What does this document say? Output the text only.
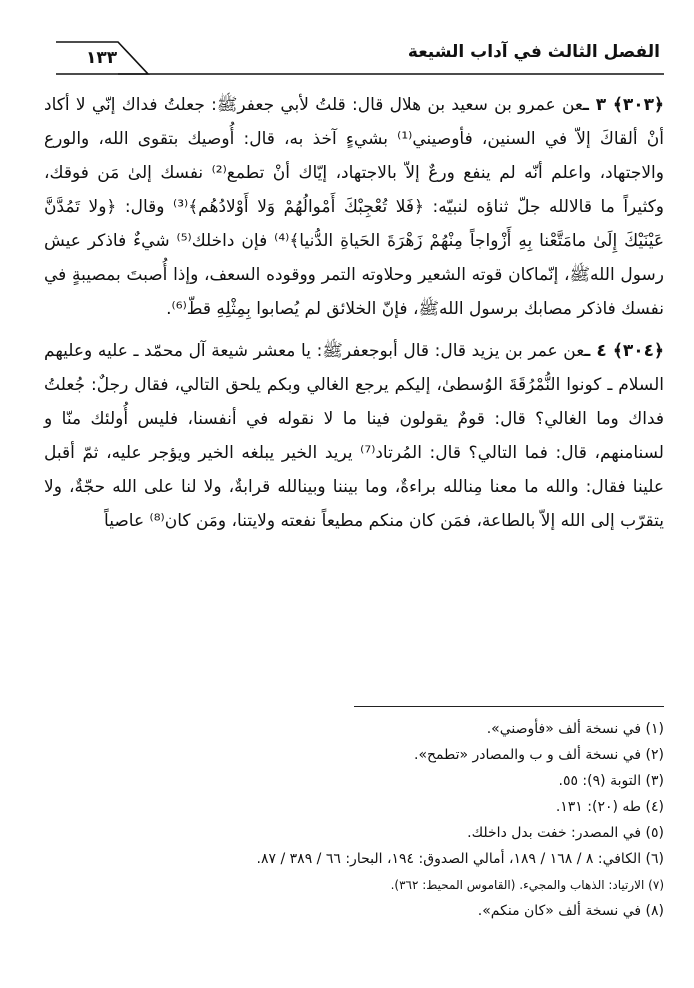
الفصل الثالث في آداب الشيعة
١٣٣

﴿٣٠٣﴾ ٣ ـعن عمرو بن سعيد بن هلال قال: قلتُ لأبي جعفرﷺ: جعلتُ فداك إنّي لا أكاد أنْ ألقاكَ إلاّ في السنين، فأوصيني⁽¹⁾ بشيءٍ آخذ به، قال: أُوصيك بتقوى الله، والورع والاجتهاد، واعلم أنّه لم ينفع ورعٌ إلاّ بالاجتهاد، إيّاك أنْ تطمع⁽²⁾ نفسك إلىٰ مَن فوقك، وكثيراً ما قالالله جلّ ثناؤه لنبيّه: ﴿فَلا تُعْجِبْكَ أَمْوالُهُمْ وَلا أَوْلادُهُم﴾⁽³⁾ وقال: ﴿ولا تَمُدَّنَّ عَيْنَيْكَ إِلَىٰ مامَتَّعْنا بِهِ أَزْواجاً مِنْهُمْ زَهْرَةَ الحَياةِ الدُّنيا﴾⁽⁴⁾ فإن داخلك⁽⁵⁾ شيءٌ فاذكر عيش رسول اللهﷺ، إنّماكان قوته الشعير وحلاوته التمر ووقوده السعف، وإذا أُصبتَ بمصيبةٍ في نفسك فاذكر مصابك برسول اللهﷺ، فإنّ الخلائق لم يُصابوا بِمِثْلِهِ قطّ⁽⁶⁾.

﴿٣٠٤﴾ ٤ ـعن عمر بن يزيد قال: قال أبوجعفرﷺ: يا معشر شيعة آل محمّد ـ عليه وعليهم السلام ـ كونوا النُّمْرُقَةَ الوُسطىٰ، إليكم يرجع الغالي وبكم يلحق التالي، فقال رجلٌ: جُعلتُ فداك وما الغالي؟ قال: قومٌ يقولون فينا ما لا نقوله في أنفسنا، فليس أُولئك منّا و لسنامنهم، قال: فما التالي؟ قال: المُرتاد⁽⁷⁾ يريد الخير يبلغه الخير ويؤجر عليه، ثمّ أقبل علينا فقال: والله ما معنا مِنالله براءةٌ، وما بيننا وبينالله قرابةٌ، ولا لنا على الله حجّةٌ، ولا يتقرّب إلى الله إلاّ بالطاعة، فمَن كان منكم مطيعاً نفعته ولايتنا، ومَن كان⁽⁸⁾ عاصياً

(١) في نسخة ألف «فأوصني».
(٢) في نسخة ألف و ب والمصادر «تطمح».
(٣) التوبة (٩): ٥٥.
(٤) طه (٢٠): ١٣١.
(٥) في المصدر: خفت بدل داخلك.
(٦) الكافي: ٨ / ١٦٨ / ١٨٩، أمالي الصدوق: ١٩٤، البحار: ٦٦ / ٣٨٩ / ٨٧.
(٧) الارتياد: الذهاب والمجيء. (القاموس المحيط: ٣٦٢).
(٨) في نسخة ألف «كان منكم».
